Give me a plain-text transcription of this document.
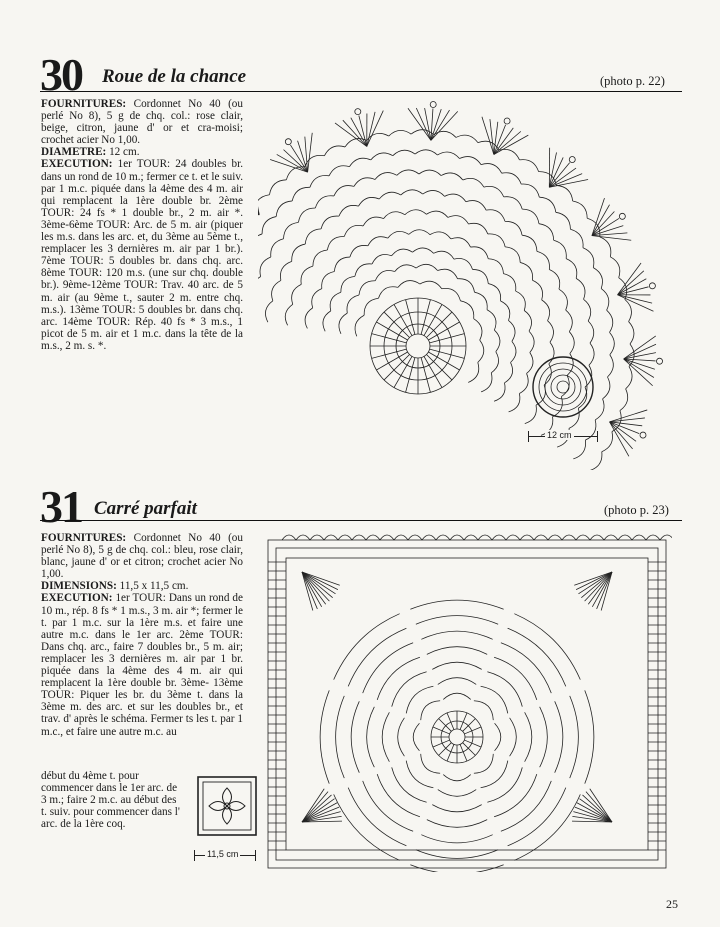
30 Roue de la chance	(photo p. 22)

FOURNITURES: Cordonnet No 40 (ou perlé No 8), 5 g de chq. col.: rose clair, beige, citron, jaune d' or et cra-moisi; crochet acier No 1,00.

DIAMETRE: 12 cm.

EXECUTION: 1er TOUR: 24 doubles br. dans un rond de 10 m.; fermer ce t. et le suiv. par 1 m.c. piquée dans la 4ème des 4 m. air qui remplacent la 1ère double br. 2ème TOUR: 24 fs * 1 double br., 2 m. air *. 3ème-6ème TOUR: Arc. de 5 m. air (piquer les m.s. dans les arc. et, du 3ème au 5ème t., remplacer les 3 dernières m. air par 1 br.). 7ème TOUR: 5 doubles br. dans chq. arc. 8ème TOUR: 120 m.s. (une sur chq. double br.). 9ème-12ème TOUR: Trav. 40 arc. de 5 m. air (au 9ème t., sauter 2 m. entre chq. m.s.). 13ème TOUR: 5 doubles br. dans chq. arc. 14ème TOUR: Rép. 40 fs * 3 m.s., 1 picot de 5 m. air et 1 m.c. dans la tête de la m.s., 2 m. s. *.

12 cm
31 Carré parfait	(photo p. 23)

FOURNITURES: Cordonnet No 40 (ou perlé No 8), 5 g de chq. col.: bleu, rose clair, blanc, jaune d' or et citron; crochet acier No 1,00.

DIMENSIONS: 11,5 x 11,5 cm.

EXECUTION: 1er TOUR: Dans un rond de 10 m., rép. 8 fs * 1 m.s., 3 m. air *; fermer le t. par 1 m.c. sur la 1ère m.s. et faire une autre m.c. dans le 1er arc. 2ème TOUR: Dans chq. arc., faire 7 doubles br., 5 m. air; remplacer les 3 dernières m. air par 1 br. piquée dans la 4ème des 4 m. air qui remplacent la 1ère double br. 3ème- 13ème TOUR: Piquer les br. du 3ème t. dans la 3ème m. des arc. et sur les doubles br., et trav. d' après le schéma. Fermer ts les t. par 1 m.c., et faire une autre m.c. au

début du 4ème t. pour commencer dans le 1er arc. de 3 m.; faire 2 m.c. au début des t. suiv. pour commencer dans l' arc. de la 1ère coq.
11,5 cm
25
